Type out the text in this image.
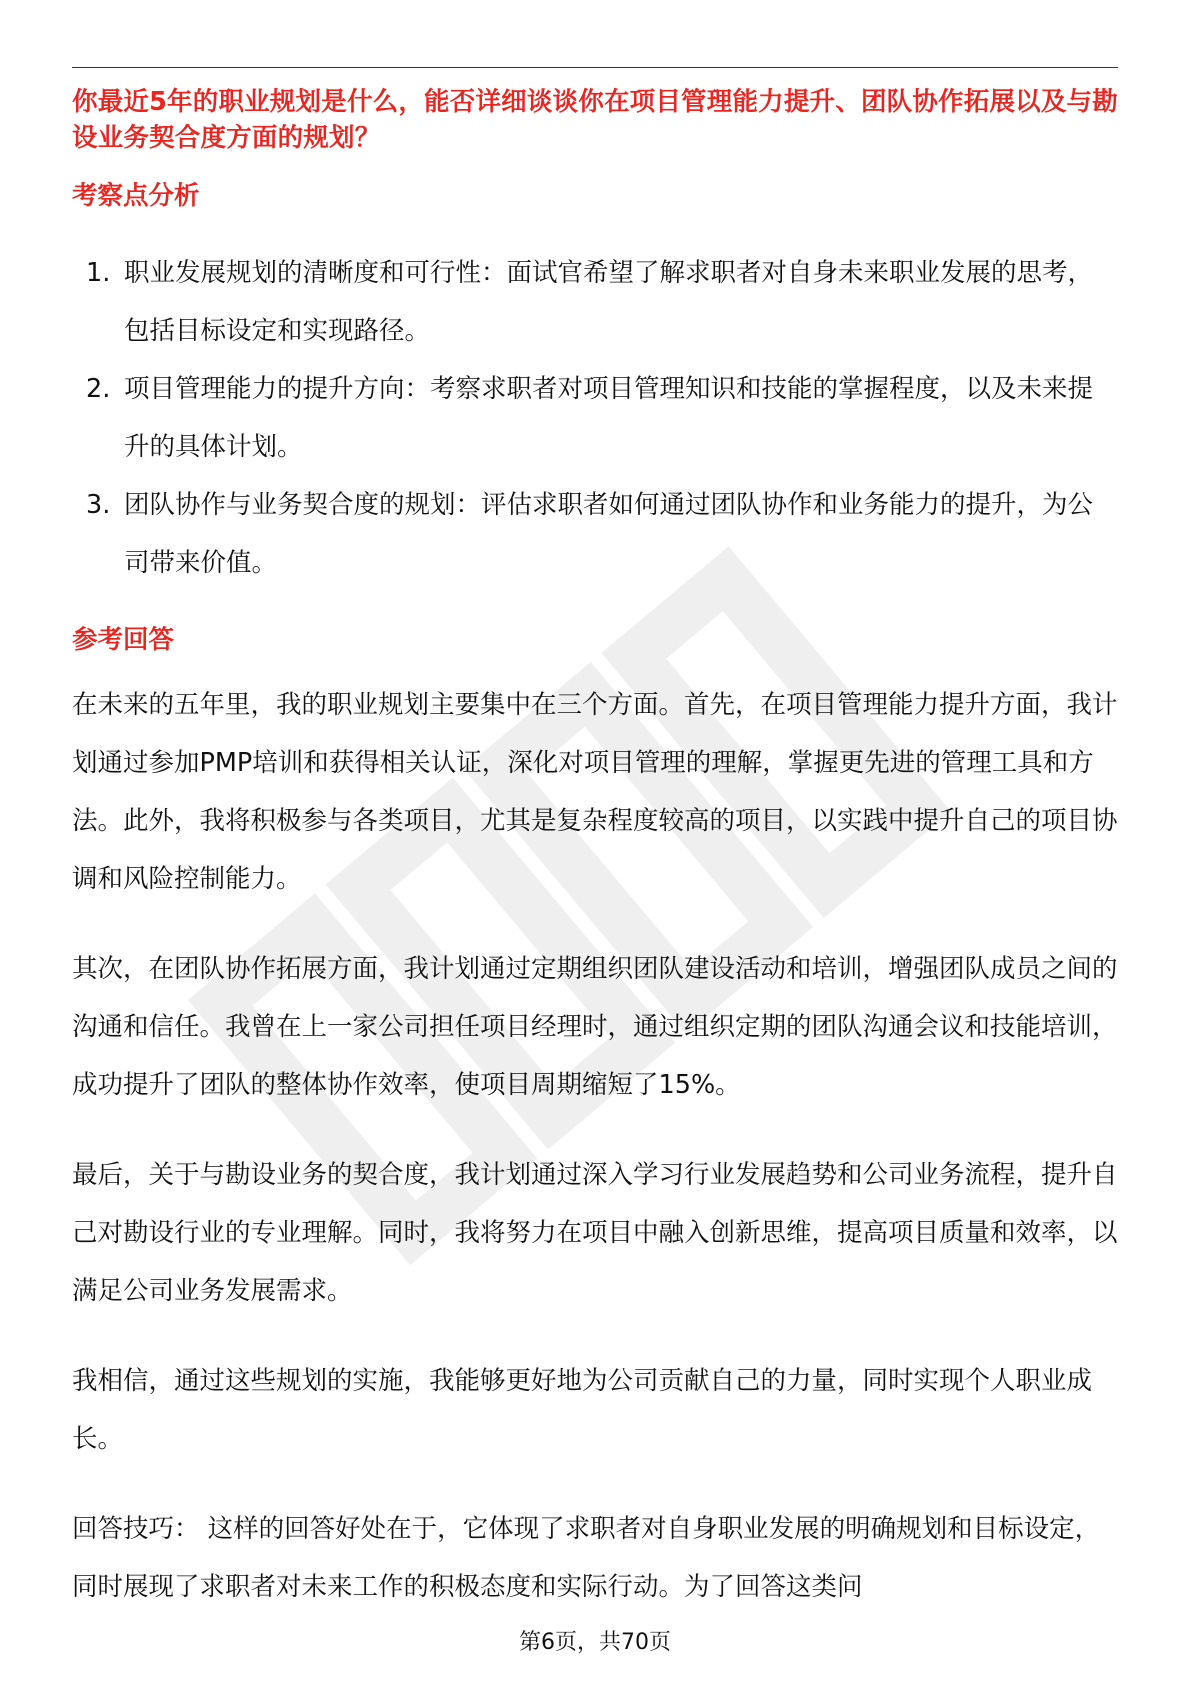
你最近5年的职业规划是什么，能否详细谈谈你在项目管理能力提升、团队协作拓展以及与勘设业务契合度方面的规划？

考察点分析
1. 职业发展规划的清晰度和可行性：面试官希望了解求职者对自身未来职业发展的思考，包括目标设定和实现路径。
2. 项目管理能力的提升方向：考察求职者对项目管理知识和技能的掌握程度，以及未来提升的具体计划。
3. 团队协作与业务契合度的规划：评估求职者如何通过团队协作和业务能力的提升，为公司带来价值。
参考回答

在未来的五年里，我的职业规划主要集中在三个方面。首先，在项目管理能力提升方面，我计划通过参加PMP培训和获得相关认证，深化对项目管理的理解，掌握更先进的管理工具和方法。此外，我将积极参与各类项目，尤其是复杂程度较高的项目，以实践中提升自己的项目协调和风险控制能力。

其次，在团队协作拓展方面，我计划通过定期组织团队建设活动和培训，增强团队成员之间的沟通和信任。我曾在上一家公司担任项目经理时，通过组织定期的团队沟通会议和技能培训，成功提升了团队的整体协作效率，使项目周期缩短了15%。

最后，关于与勘设业务的契合度，我计划通过深入学习行业发展趋势和公司业务流程，提升自己对勘设行业的专业理解。同时，我将努力在项目中融入创新思维，提高项目质量和效率，以满足公司业务发展需求。

我相信，通过这些规划的实施，我能够更好地为公司贡献自己的力量，同时实现个人职业成长。

回答技巧： 这样的回答好处在于，它体现了求职者对自身职业发展的明确规划和目标设定，同时展现了求职者对未来工作的积极态度和实际行动。为了回答这类问

第6页，共70页
